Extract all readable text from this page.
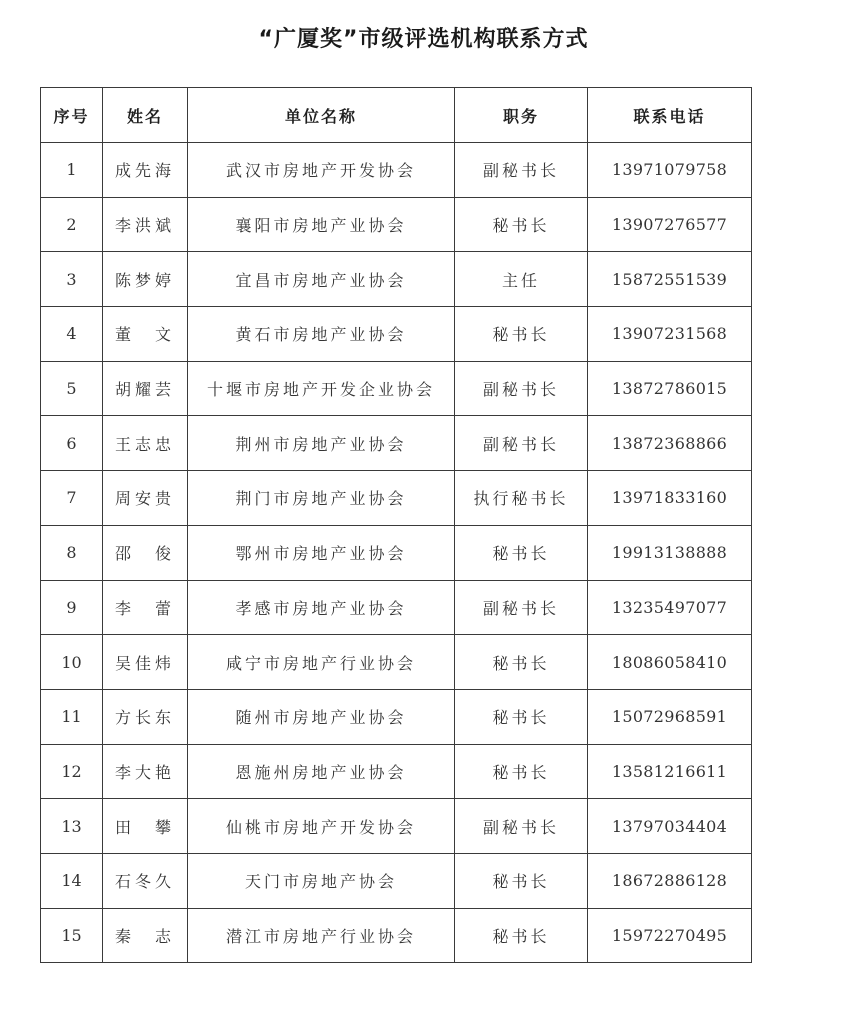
“广厦奖”市级评选机构联系方式
序号	姓名	单位名称	职务	联系电话
1	成先海	武汉市房地产开发协会	副秘书长	13971079758
2	李洪斌	襄阳市房地产业协会	秘书长	13907276577
3	陈梦婷	宜昌市房地产业协会	主任	15872551539
4	董　文	黄石市房地产业协会	秘书长	13907231568
5	胡耀芸	十堰市房地产开发企业协会	副秘书长	13872786015
6	王志忠	荆州市房地产业协会	副秘书长	13872368866
7	周安贵	荆门市房地产业协会	执行秘书长	13971833160
8	邵　俊	鄂州市房地产业协会	秘书长	19913138888
9	李　蕾	孝感市房地产业协会	副秘书长	13235497077
10	吴佳炜	咸宁市房地产行业协会	秘书长	18086058410
11	方长东	随州市房地产业协会	秘书长	15072968591
12	李大艳	恩施州房地产业协会	秘书长	13581216611
13	田　攀	仙桃市房地产开发协会	副秘书长	13797034404
14	石冬久	天门市房地产协会	秘书长	18672886128
15	秦　志	潜江市房地产行业协会	秘书长	15972270495
